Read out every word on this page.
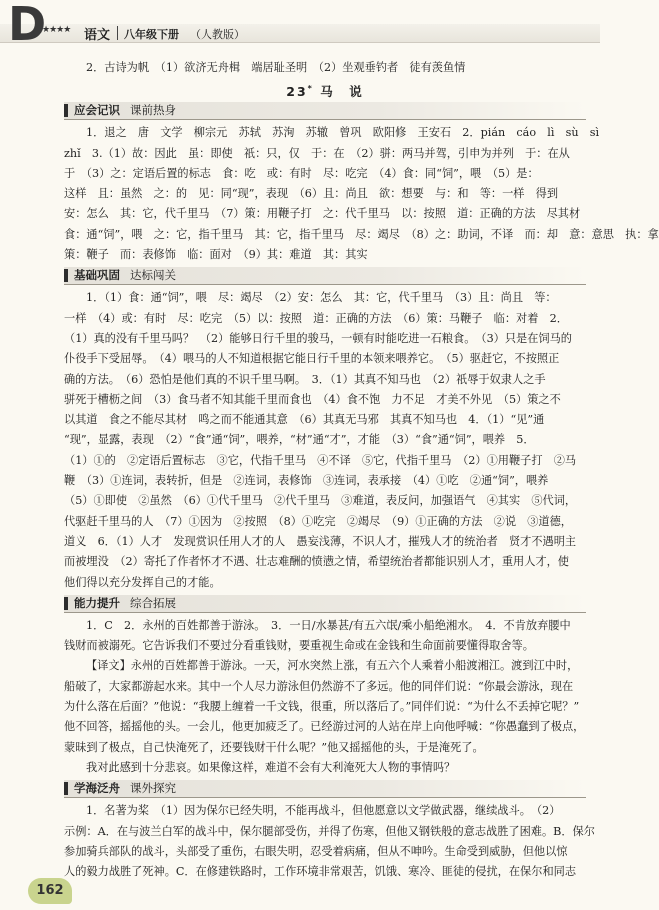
D
★★★★ 语文 八年级下册 （人教版）
2．古诗为帆　（1）欲济无舟楫　端居耻圣明　（2）坐观垂钓者　徒有羡鱼情
23* 马　说
应会记识 课前热身
1．退之　唐　文学　柳宗元　苏轼　苏洵　苏辙　曾巩　欧阳修　王安石　2．pián　cáo　lì　sù　sì
zhǐ　3.（1）故：因此　虽：即使　祇：只，仅　于：在　（2）骈：两马并驾，引申为并列　于：在从
于　（3）之：定语后置的标志　食：吃　或：有时　尽：吃完　（4）食：同“饲”，喂　（5）是：
这样　且：虽然　之：的　见：同“现”，表现　（6）且：尚且　欲：想要　与：和　等：一样　得到
安：怎么　其：它，代千里马　（7）策：用鞭子打　之：代千里马　以：按照　道：正确的方法　尽其材
食：通“饲”，喂　之：它，指千里马　其：它，指千里马　尽：竭尽　（8）之：助词，不译　而：却　意：意思　执：拿
策：鞭子　而：表修饰　临：面对　（9）其：难道　其：其实
基础巩固 达标闯关
1．（1）食：通“饲”，喂　尽：竭尽　（2）安：怎么　其：它，代千里马　（3）且：尚且　等：
一样　（4）或：有时　尽：吃完　（5）以：按照　道：正确的方法　（6）策：马鞭子　临：对着　2．
（1）真的没有千里马吗？　（2）能够日行千里的骏马，一顿有时能吃进一石粮食。　（3）只是在饲马的
仆役手下受屈辱。　（4）喂马的人不知道根据它能日行千里的本领来喂养它。　（5）驱赶它，不按照正
确的方法。　（6）恐怕是他们真的不识千里马啊。　3．（1）其真不知马也　（2）祇辱于奴隶人之手
骈死于槽枥之间　（3）食马者不知其能千里而食也　（4）食不饱　力不足　才美不外见　（5）策之不
以其道　食之不能尽其材　鸣之而不能通其意　（6）其真无马邪　其真不知马也　4．（1）“见”通
“现”，显露，表现　（2）“食”通“饲”，喂养，“材”通“才”，才能　（3）“食”通“饲”，喂养　5．
（1）①的　②定语后置标志　③它，代指千里马　④不译　⑤它，代指千里马　（2）①用鞭子打　②马
鞭　（3）①连词，表转折，但是　②连词，表修饰　③连词，表承接　（4）①吃　②通“饲”，喂养
（5）①即使　②虽然　（6）①代千里马　②代千里马　③难道，表反问，加强语气　④其实　⑤代词，
代驱赶千里马的人　（7）①因为　②按照　（8）①吃完　②竭尽　（9）①正确的方法　②说　③道德，
道义　6．（1）人才　发现赏识任用人才的人　愚妄浅薄，不识人才，摧残人才的统治者　贤才不遇明主
而被埋没　（2）寄托了作者怀才不遇、壮志难酬的愤懑之情，希望统治者都能识别人才，重用人才，使
他们得以充分发挥自己的才能。
能力提升 综合拓展
1．C　2．永州的百姓都善于游泳。　3．一日/水暴甚/有五六氓/乘小船绝湘水。　4．不肯放弃腰中
钱财而被溺死。它告诉我们不要过分看重钱财，要重视生命或在金钱和生命面前要懂得取舍等。
【译文】永州的百姓都善于游泳。一天，河水突然上涨，有五六个人乘着小船渡湘江。渡到江中时，
船破了，大家都游起水来。其中一个人尽力游泳但仍然游不了多远。他的同伴们说：“你最会游泳，现在
为什么落在后面？”他说：“我腰上缠着一千文钱，很重，所以落后了。”同伴们说：“为什么不丢掉它呢？”
他不回答，摇摇他的头。一会儿，他更加疲乏了。已经游过河的人站在岸上向他呼喊：“你愚蠢到了极点，
蒙昧到了极点，自己快淹死了，还要钱财干什么呢？”他又摇摇他的头，于是淹死了。
我对此感到十分悲哀。如果像这样，难道不会有大利淹死大人物的事情吗？
学海泛舟 课外探究
1．名著为桨　（1）因为保尔已经失明，不能再战斗，但他愿意以文学做武器，继续战斗。　（2）
示例：A．在与波兰白军的战斗中，保尔腿部受伤，并得了伤寒，但他又钢铁般的意志战胜了困难。B．保尔
参加骑兵部队的战斗，头部受了重伤，右眼失明，忍受着病痛，但从不呻吟。生命受到威胁，但他以惊
人的毅力战胜了死神。C．在修建铁路时，工作环境非常艰苦，饥饿、寒冷、匪徒的侵扰，在保尔和同志
162
